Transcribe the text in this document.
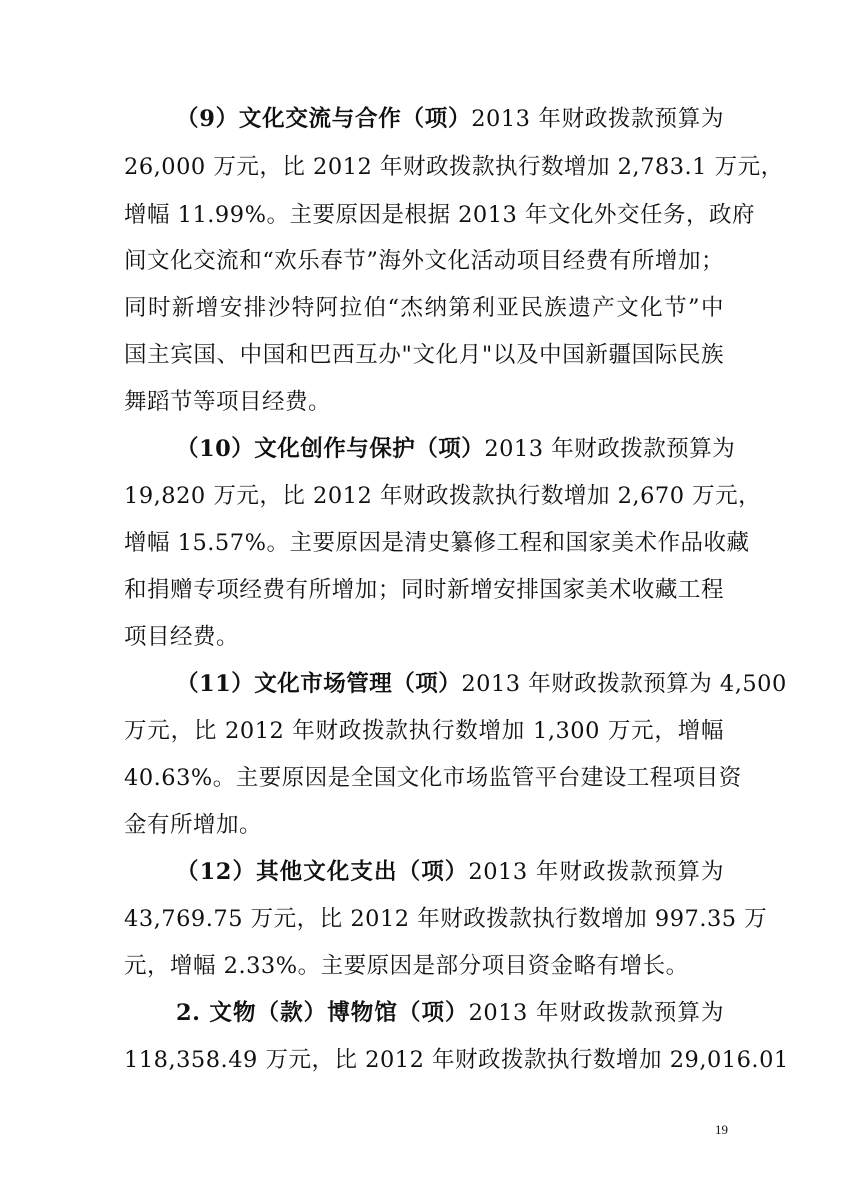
（9）文化交流与合作（项）2013 年财政拨款预算为
26,000 万元，比 2012 年财政拨款执行数增加 2,783.1 万元，
增幅 11.99%。主要原因是根据 2013 年文化外交任务，政府
间文化交流和“欢乐春节”海外文化活动项目经费有所增加；
同时新增安排沙特阿拉伯“杰纳第利亚民族遗产文化节”中
国主宾国、中国和巴西互办"文化月"以及中国新疆国际民族
舞蹈节等项目经费。
（10）文化创作与保护（项）2013 年财政拨款预算为
19,820 万元，比 2012 年财政拨款执行数增加 2,670 万元，
增幅 15.57%。主要原因是清史纂修工程和国家美术作品收藏
和捐赠专项经费有所增加；同时新增安排国家美术收藏工程
项目经费。
（11）文化市场管理（项）2013 年财政拨款预算为 4,500
万元，比 2012 年财政拨款执行数增加 1,300 万元，增幅
40.63%。主要原因是全国文化市场监管平台建设工程项目资
金有所增加。
（12）其他文化支出（项）2013 年财政拨款预算为
43,769.75 万元，比 2012 年财政拨款执行数增加 997.35 万
元，增幅 2.33%。主要原因是部分项目资金略有增长。
2. 文物（款）博物馆（项）2013 年财政拨款预算为
118,358.49 万元，比 2012 年财政拨款执行数增加 29,016.01
19
